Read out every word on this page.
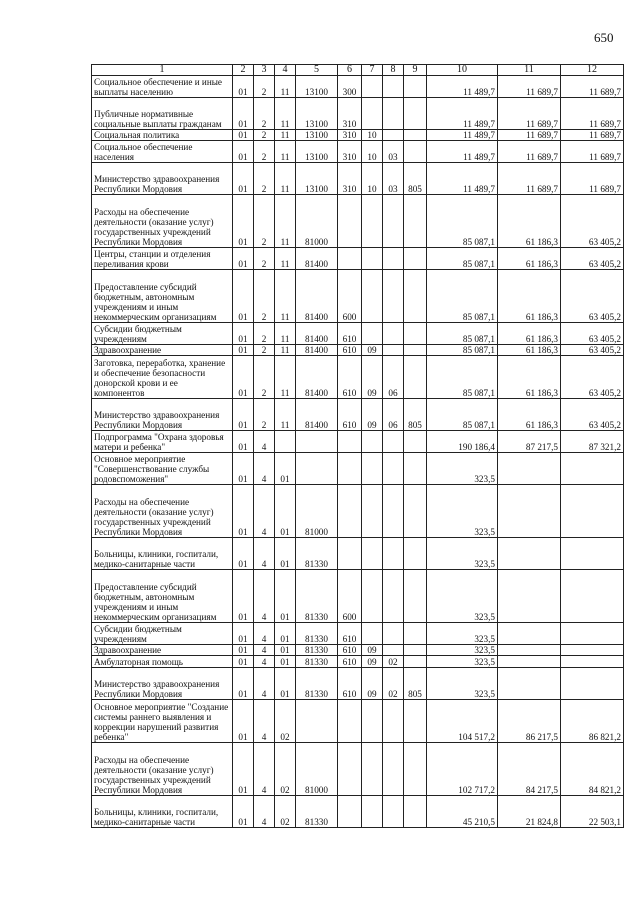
650
1	2	3	4	5	6	7	8	9	10	11	12
Социальное обеспечение и иные выплаты населению	01	2	11	13100	300				11 489,7	11 689,7	11 689,7
Публичные нормативные социальные выплаты гражданам	01	2	11	13100	310				11 489,7	11 689,7	11 689,7
Социальная политика	01	2	11	13100	310	10			11 489,7	11 689,7	11 689,7
Социальное обеспечение населения	01	2	11	13100	310	10	03		11 489,7	11 689,7	11 689,7
Министерство здравоохранения Республики Мордовия	01	2	11	13100	310	10	03	805	11 489,7	11 689,7	11 689,7
Расходы на обеспечение деятельности (оказание услуг) государственных учреждений Республики Мордовия	01	2	11	81000					85 087,1	61 186,3	63 405,2
Центры, станции и отделения переливания крови	01	2	11	81400					85 087,1	61 186,3	63 405,2
Предоставление субсидий бюджетным, автономным учреждениям и иным некоммерческим организациям	01	2	11	81400	600				85 087,1	61 186,3	63 405,2
Субсидии бюджетным учреждениям	01	2	11	81400	610				85 087,1	61 186,3	63 405,2
Здравоохранение	01	2	11	81400	610	09			85 087,1	61 186,3	63 405,2
Заготовка, переработка, хранение и обеспечение безопасности донорской крови и ее компонентов	01	2	11	81400	610	09	06		85 087,1	61 186,3	63 405,2
Министерство здравоохранения Республики Мордовия	01	2	11	81400	610	09	06	805	85 087,1	61 186,3	63 405,2
Подпрограмма "Охрана здоровья матери и ребенка"	01	4							190 186,4	87 217,5	87 321,2
Основное мероприятие "Совершенствование службы родовспоможения"	01	4	01						323,5		
Расходы на обеспечение деятельности (оказание услуг) государственных учреждений Республики Мордовия	01	4	01	81000					323,5		
Больницы, клиники, госпитали, медико-санитарные части	01	4	01	81330					323,5		
Предоставление субсидий бюджетным, автономным учреждениям и иным некоммерческим организациям	01	4	01	81330	600				323,5		
Субсидии бюджетным учреждениям	01	4	01	81330	610				323,5		
Здравоохранение	01	4	01	81330	610	09			323,5		
Амбулаторная помощь	01	4	01	81330	610	09	02		323,5		
Министерство здравоохранения Республики Мордовия	01	4	01	81330	610	09	02	805	323,5		
Основное мероприятие "Создание системы раннего выявления и коррекции нарушений развития ребенка"	01	4	02						104 517,2	86 217,5	86 821,2
Расходы на обеспечение деятельности (оказание услуг) государственных учреждений Республики Мордовия	01	4	02	81000					102 717,2	84 217,5	84 821,2
Больницы, клиники, госпитали, медико-санитарные части	01	4	02	81330					45 210,5	21 824,8	22 503,1
